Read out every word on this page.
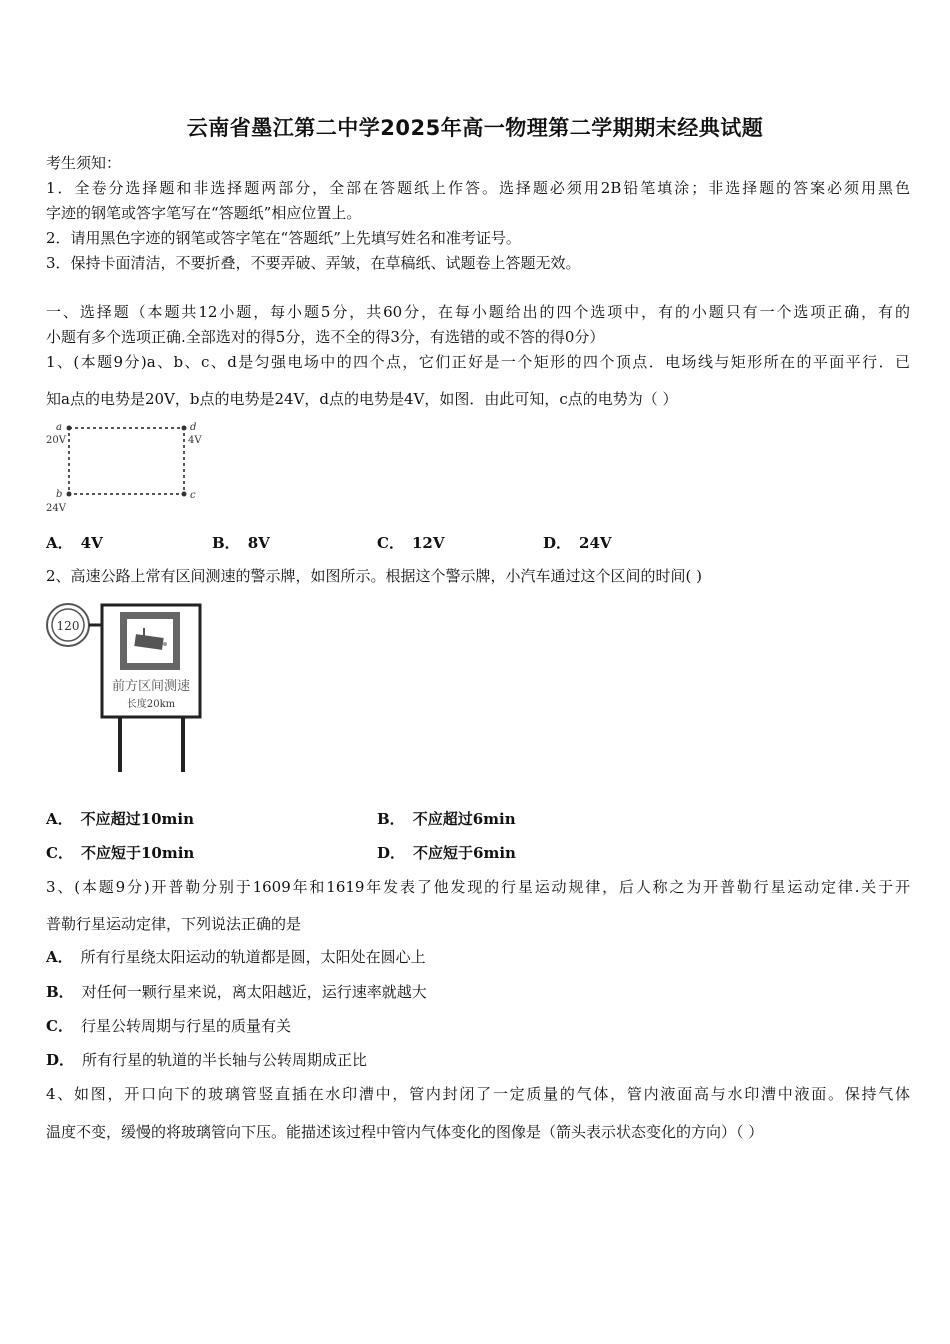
云南省墨江第二中学2025年高一物理第二学期期末经典试题
考生须知：
1．全卷分选择题和非选择题两部分，全部在答题纸上作答。选择题必须用2B铅笔填涂；非选择题的答案必须用黑色
字迹的钢笔或答字笔写在“答题纸”相应位置上。
2．请用黑色字迹的钢笔或答字笔在“答题纸”上先填写姓名和准考证号。
3．保持卡面清洁，不要折叠，不要弄破、弄皱，在草稿纸、试题卷上答题无效。
一、选择题（本题共12小题，每小题5分，共60分，在每小题给出的四个选项中，有的小题只有一个选项正确，有的
小题有多个选项正确.全部选对的得5分，选不全的得3分，有选错的或不答的得0分）
1、(本题9分)a、b、c、d是匀强电场中的四个点，它们正好是一个矩形的四个顶点．电场线与矩形所在的平面平行．已
知a点的电势是20V，b点的电势是24V，d点的电势是4V，如图．由此可知，c点的电势为（ ）
a
20V
d
4V
b
24V
c
A． 4V	B． 8V	C． 12V	D． 24V
2、高速公路上常有区间测速的警示牌，如图所示。根据这个警示牌，小汽车通过这个区间的时间( )
前方区间测速
长度20km
120
A． 不应超过10min	B． 不应超过6min
C． 不应短于10min	D． 不应短于6min
3、(本题9分)开普勒分别于1609年和1619年发表了他发现的行星运动规律，后人称之为开普勒行星运动定律.关于开
普勒行星运动定律，下列说法正确的是
A． 所有行星绕太阳运动的轨道都是圆，太阳处在圆心上
B． 对任何一颗行星来说，离太阳越近，运行速率就越大
C． 行星公转周期与行星的质量有关
D． 所有行星的轨道的半长轴与公转周期成正比
4、如图，开口向下的玻璃管竖直插在水印漕中，管内封闭了一定质量的气体，管内液面高与水印漕中液面。保持气体
温度不变，缓慢的将玻璃管向下压。能描述该过程中管内气体变化的图像是（箭头表示状态变化的方向）（ ）
